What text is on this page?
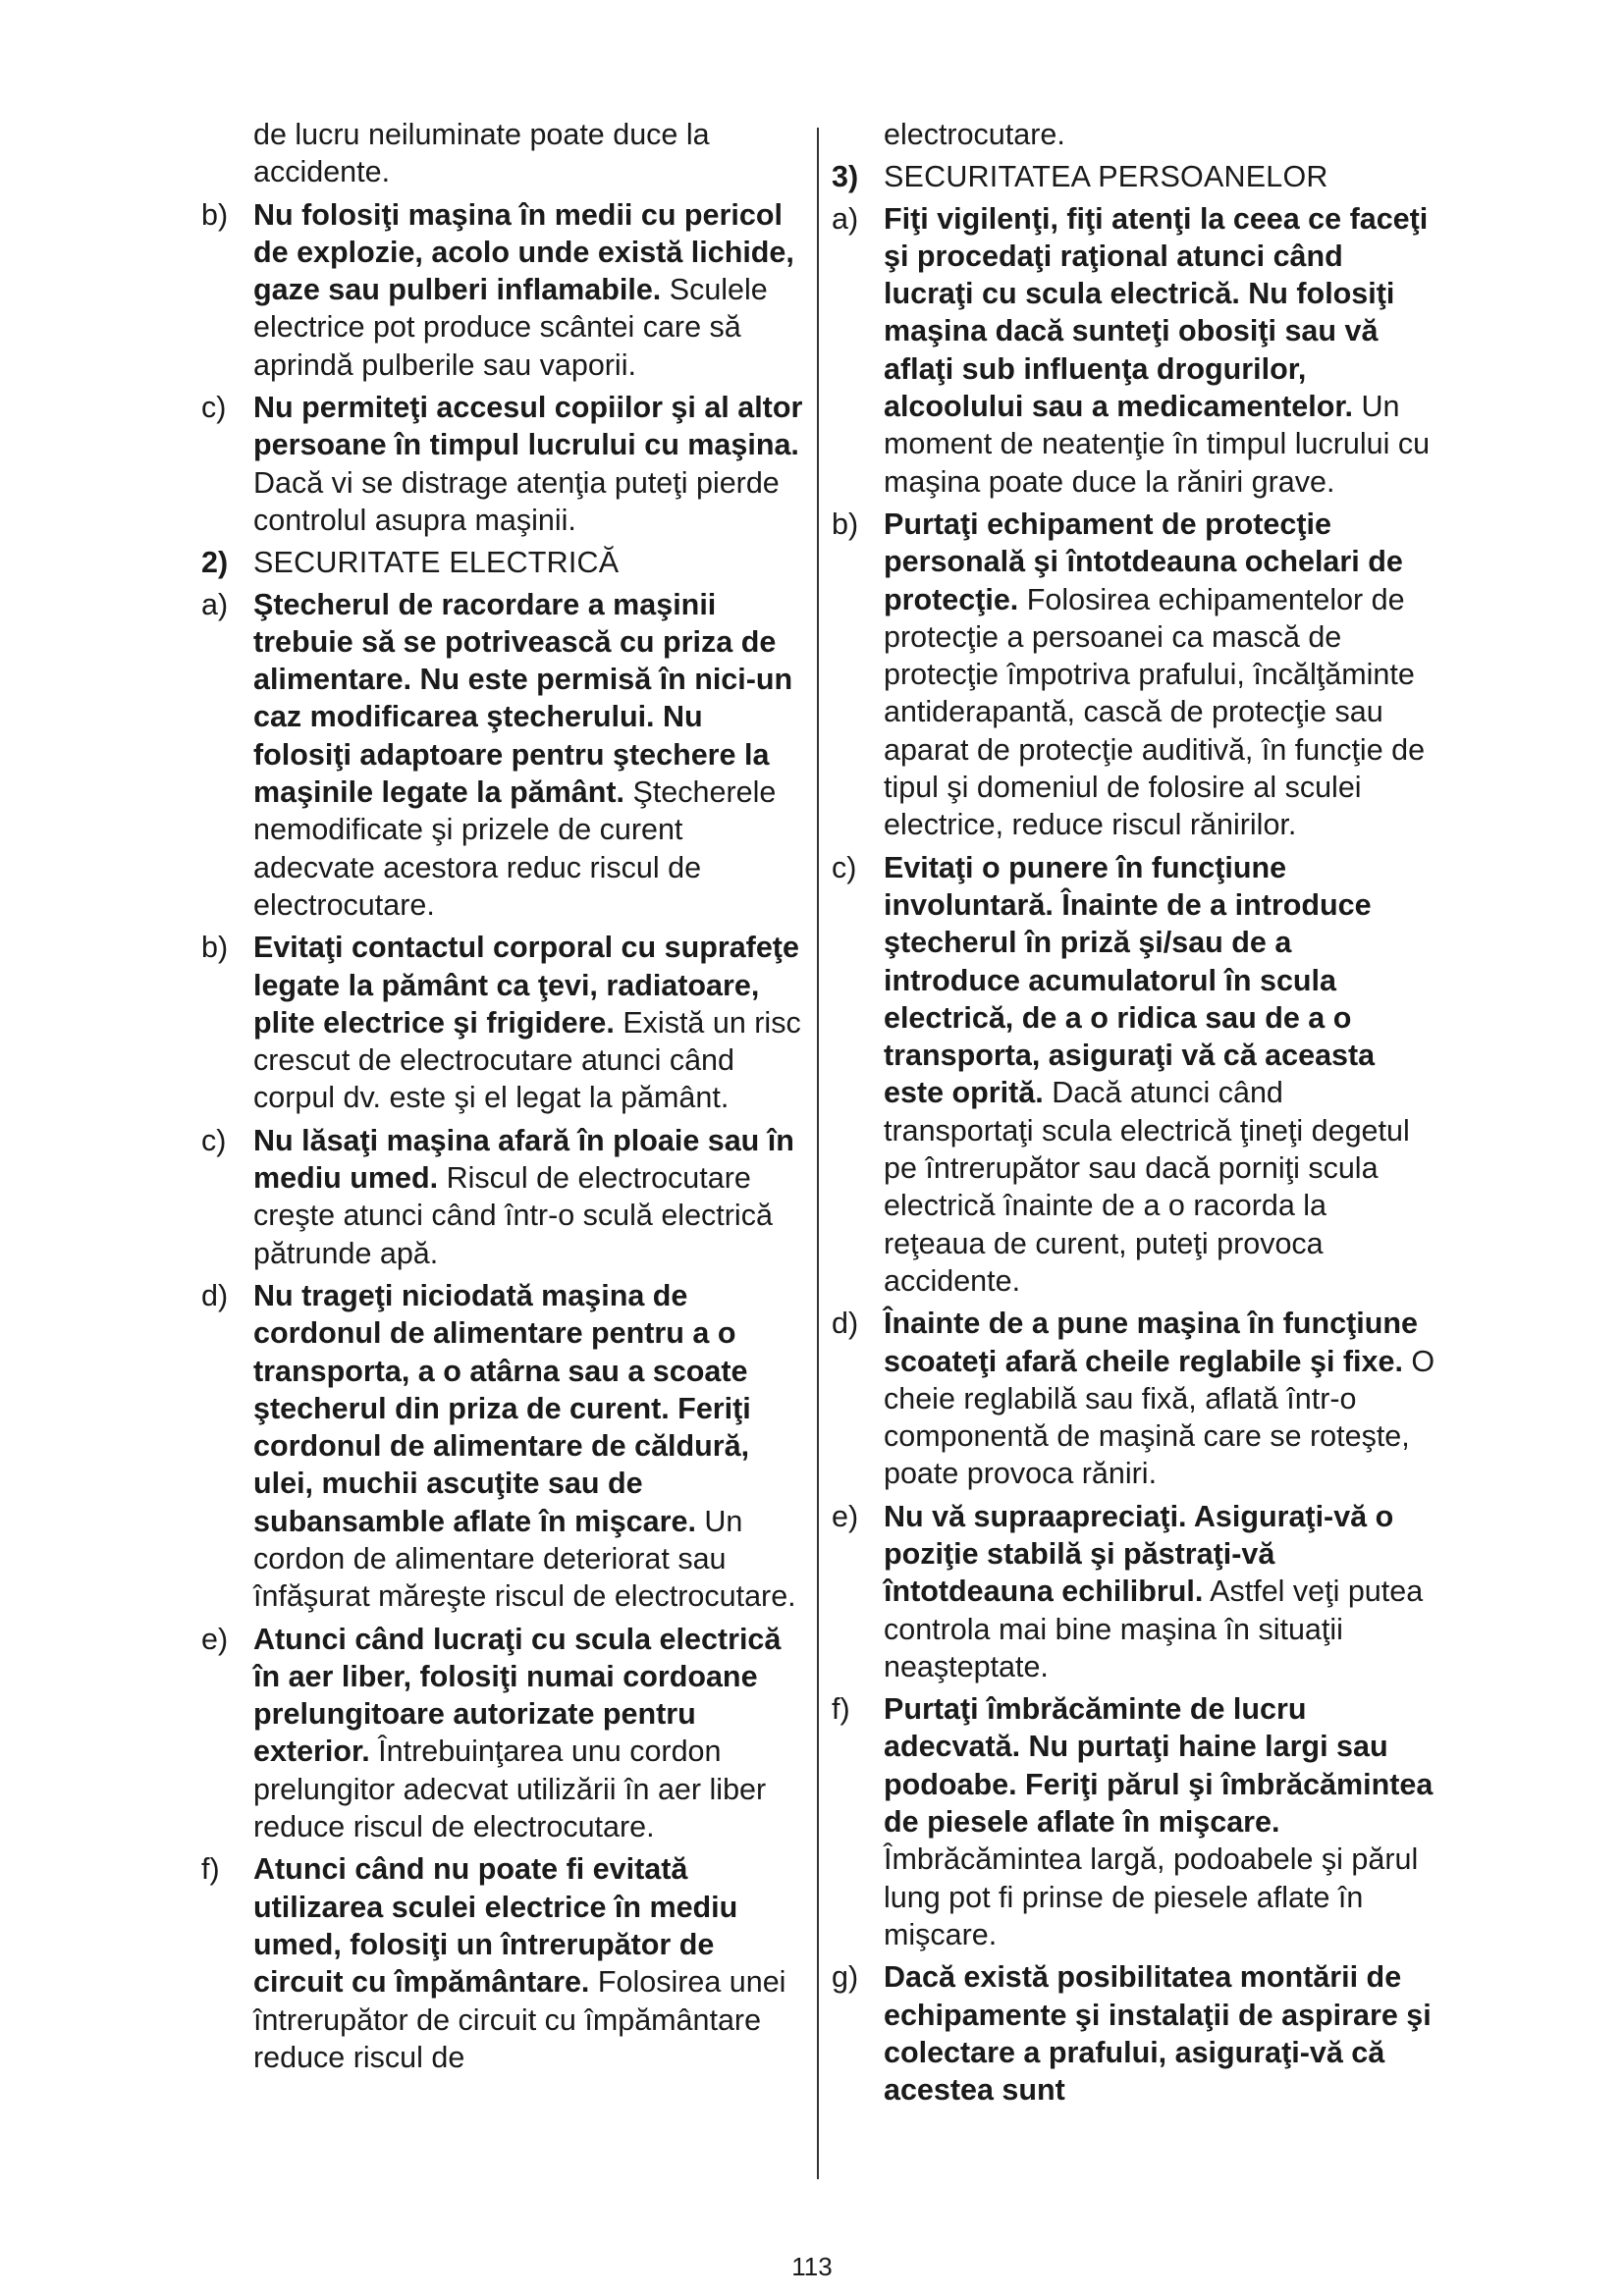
de lucru neiluminate poate duce la accidente.
b) Nu folosiţi maşina în medii cu pericol de explozie, acolo unde există lichide, gaze sau pulberi inflamabile. Sculele electrice pot produce scântei care să aprindă pulberile sau vaporii.
c) Nu permiteţi accesul copiilor şi al altor persoane în timpul lucrului cu maşina. Dacă vi se distrage atenţia puteţi pierde controlul asupra maşinii.
2) SECURITATE ELECTRICĂ
a) Ştecherul de racordare a maşinii trebuie să se potrivească cu priza de alimentare. Nu este permisă în nici-un caz modificarea ştecherului. Nu folosiţi adaptoare pentru ştechere la maşinile legate la pământ. Ştecherele nemodificate şi prizele de curent adecvate acestora reduc riscul de electrocutare.
b) Evitaţi contactul corporal cu suprafeţe legate la pământ ca ţevi, radiatoare, plite electrice şi frigidere. Există un risc crescut de electrocutare atunci când corpul dv. este şi el legat la pământ.
c) Nu lăsaţi maşina afară în ploaie sau în mediu umed. Riscul de electrocutare creşte atunci când într-o sculă electrică pătrunde apă.
d) Nu trageţi niciodată maşina de cordonul de alimentare pentru a o transporta, a o atârna sau a scoate ştecherul din priza de curent. Feriţi cordonul de alimentare de căldură, ulei, muchii ascuţite sau de subansamble aflate în mişcare. Un cordon de alimentare deteriorat sau înfăşurat măreşte riscul de electrocutare.
e) Atunci când lucraţi cu scula electrică în aer liber, folosiţi numai cordoane prelungitoare autorizate pentru exterior. Întrebuinţarea unu cordon prelungitor adecvat utilizării în aer liber reduce riscul de electrocutare.
f) Atunci când nu poate fi evitată utilizarea sculei electrice în mediu umed, folosiţi un întrerupător de circuit cu împământare. Folosirea unei întrerupător de circuit cu împământare reduce riscul de
electrocutare.
3) SECURITATEA PERSOANELOR
a) Fiţi vigilenţi, fiţi atenţi la ceea ce faceţi şi procedaţi raţional atunci când lucraţi cu scula electrică. Nu folosiţi maşina dacă sunteţi obosiţi sau vă aflaţi sub influenţa drogurilor, alcoolului sau a medicamentelor. Un moment de neatenţie în timpul lucrului cu maşina poate duce la răniri grave.
b) Purtaţi echipament de protecţie personală şi întotdeauna ochelari de protecţie. Folosirea echipamentelor de protecţie a persoanei ca mască de protecţie împotriva prafului, încălţăminte antiderapantă, cască de protecţie sau aparat de protecţie auditivă, în funcţie de tipul şi domeniul de folosire al sculei electrice, reduce riscul rănirilor.
c) Evitaţi o punere în funcţiune involuntară. Înainte de a introduce ştecherul în priză şi/sau de a introduce acumulatorul în scula electrică, de a o ridica sau de a o transporta, asiguraţi vă că aceasta este oprită. Dacă atunci când transportaţi scula electrică ţineţi degetul pe întrerupător sau dacă porniţi scula electrică înainte de a o racorda la reţeaua de curent, puteţi provoca accidente.
d) Înainte de a pune maşina în funcţiune scoateţi afară cheile reglabile şi fixe. O cheie reglabilă sau fixă, aflată într-o componentă de maşină care se roteşte, poate provoca răniri.
e) Nu vă supraapreciaţi. Asiguraţi-vă o poziţie stabilă şi păstraţi-vă întotdeauna echilibrul. Astfel veţi putea controla mai bine maşina în situaţii neaşteptate.
f) Purtaţi îmbrăcăminte de lucru adecvată. Nu purtaţi haine largi sau podoabe. Feriţi părul şi îmbrăcămintea de piesele aflate în mişcare. Îmbrăcămintea largă, podoabele şi părul lung pot fi prinse de piesele aflate în mişcare.
g) Dacă există posibilitatea montării de echipamente şi instalaţii de aspirare şi colectare a prafului, asiguraţi-vă că acestea sunt
113
